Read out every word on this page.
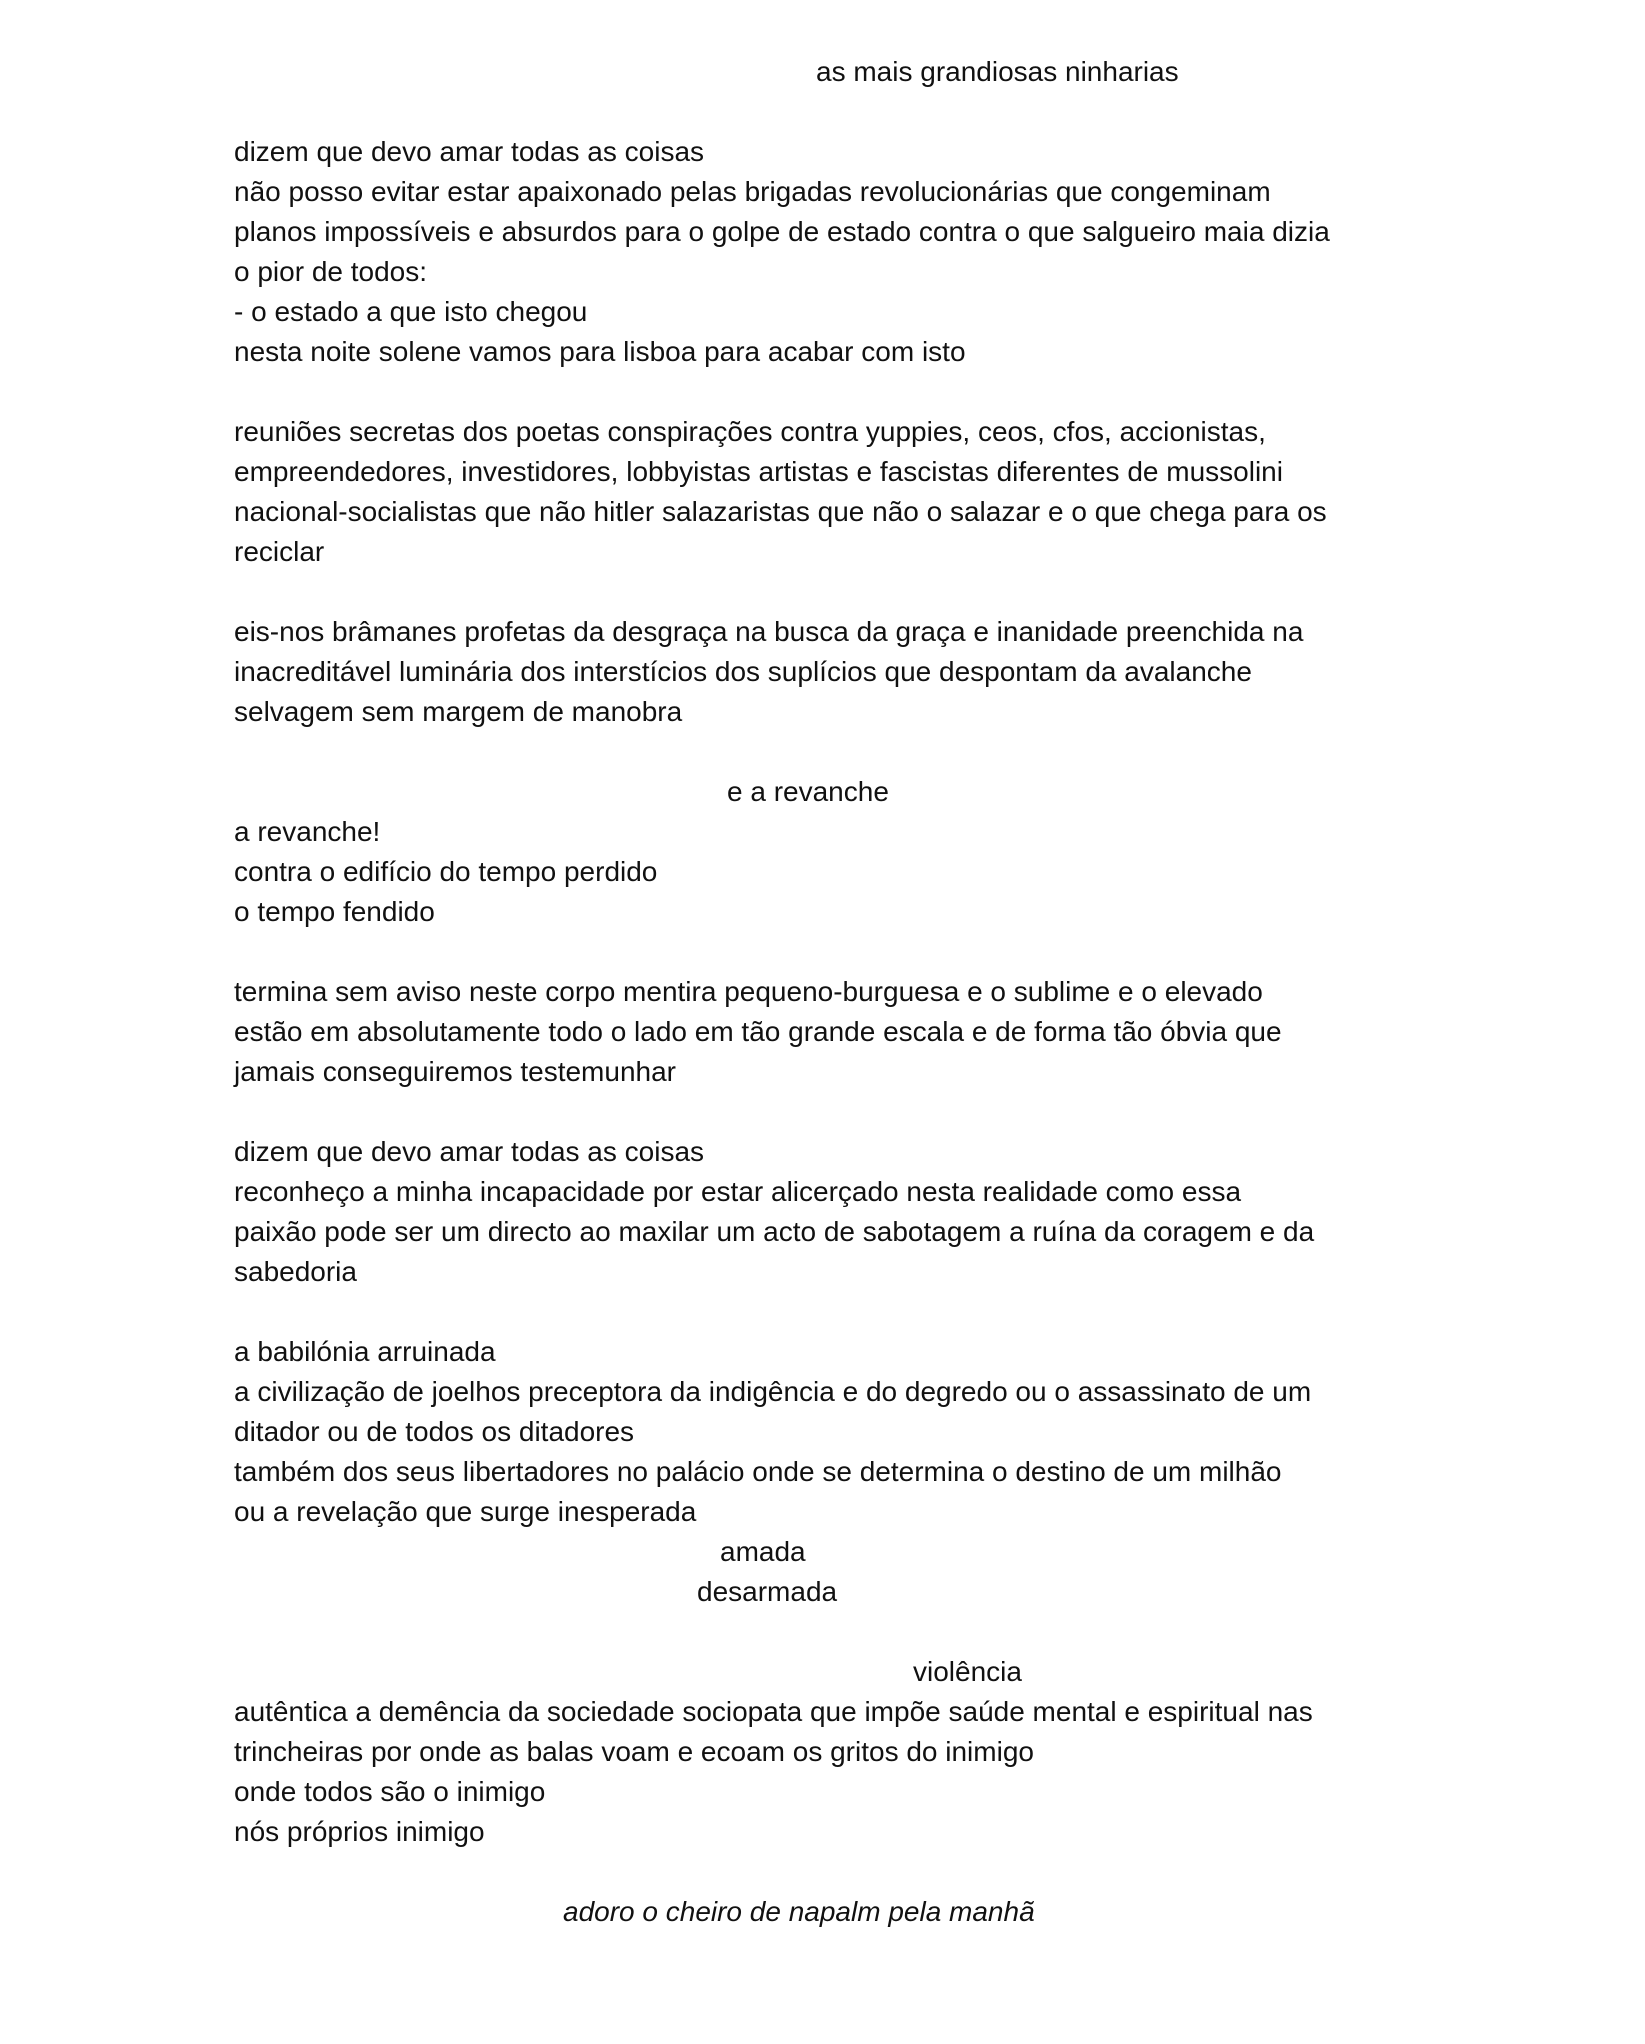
as mais grandiosas ninharias

dizem que devo amar todas as coisas

não posso evitar estar apaixonado pelas brigadas revolucionárias que congeminam

planos impossíveis e absurdos para o golpe de estado contra o que salgueiro maia dizia

o pior de todos:

- o estado a que isto chegou

nesta noite solene vamos para lisboa para acabar com isto

reuniões secretas dos poetas conspirações contra yuppies, ceos, cfos, accionistas,

empreendedores, investidores, lobbyistas artistas e fascistas diferentes de mussolini

nacional-socialistas que não hitler salazaristas que não o salazar e o que chega para os

reciclar

eis-nos brâmanes profetas da desgraça na busca da graça e inanidade preenchida na

inacreditável luminária dos interstícios dos suplícios que despontam da avalanche

selvagem sem margem de manobra

e a revanche

a revanche!

contra o edifício do tempo perdido

o tempo fendido

termina sem aviso neste corpo mentira pequeno-burguesa e o sublime e o elevado

estão em absolutamente todo o lado em tão grande escala e de forma tão óbvia que

jamais conseguiremos testemunhar

dizem que devo amar todas as coisas

reconheço a minha incapacidade por estar alicerçado nesta realidade como essa

paixão pode ser um directo ao maxilar um acto de sabotagem a ruína da coragem e da

sabedoria

a babilónia arruinada

a civilização de joelhos preceptora da indigência e do degredo ou o assassinato de um

ditador ou de todos os ditadores

também dos seus libertadores no palácio onde se determina o destino de um milhão

ou a revelação que surge inesperada

amada

desarmada

violência

autêntica a demência da sociedade sociopata que impõe saúde mental e espiritual nas

trincheiras por onde as balas voam e ecoam os gritos do inimigo

onde todos são o inimigo

nós próprios inimigo

adoro o cheiro de napalm pela manhã
